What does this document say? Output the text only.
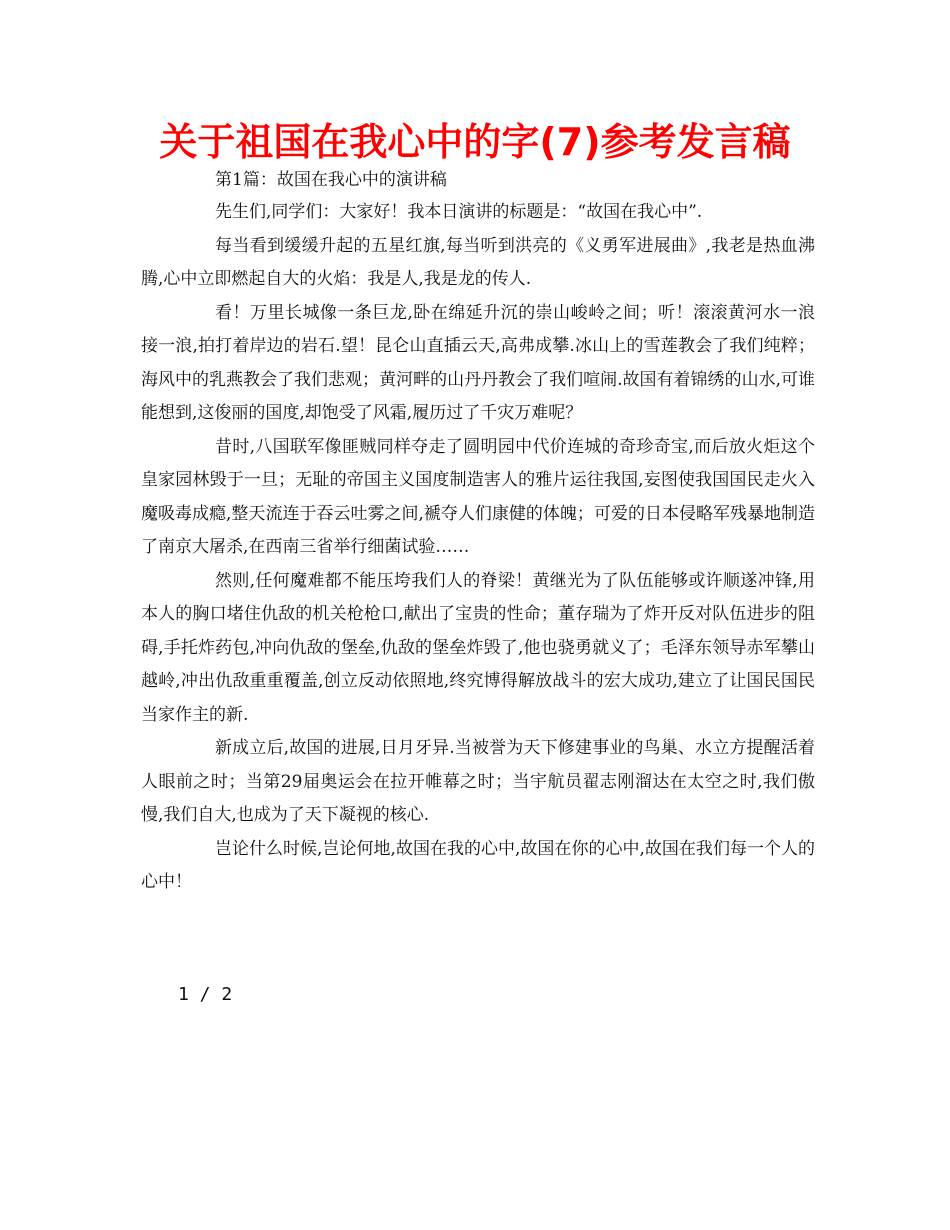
关于祖国在我心中的字(7)参考发言稿

第1篇：故国在我心中的演讲稿

先生们,同学们：大家好！我本日演讲的标题是：“故国在我心中”.

每当看到缓缓升起的五星红旗,每当听到洪亮的《义勇军进展曲》,我老是热血沸腾,心中立即燃起自大的火焰：我是人,我是龙的传人.

看！万里长城像一条巨龙,卧在绵延升沉的崇山峻岭之间；听！滚滚黄河水一浪接一浪,拍打着岸边的岩石.望！昆仑山直插云天,高弗成攀.冰山上的雪莲教会了我们纯粹；海风中的乳燕教会了我们悲观；黄河畔的山丹丹教会了我们喧闹.故国有着锦绣的山水,可谁能想到,这俊丽的国度,却饱受了风霜,履历过了千灾万难呢？

昔时,八国联军像匪贼同样夺走了圆明园中代价连城的奇珍奇宝,而后放火炬这个皇家园林毁于一旦；无耻的帝国主义国度制造害人的雅片运往我国,妄图使我国国民走火入魔吸毒成瘾,整天流连于吞云吐雾之间,褫夺人们康健的体魄；可爱的日本侵略军残暴地制造了南京大屠杀,在西南三省举行细菌试验……

然则,任何魔难都不能压垮我们人的脊梁！黄继光为了队伍能够或许顺遂冲锋,用本人的胸口堵住仇敌的机关枪枪口,献出了宝贵的性命；董存瑞为了炸开反对队伍进步的阻碍,手托炸药包,冲向仇敌的堡垒,仇敌的堡垒炸毁了,他也骁勇就义了；毛泽东领导赤军攀山越岭,冲出仇敌重重覆盖,创立反动依照地,终究博得解放战斗的宏大成功,建立了让国民国民当家作主的新.

新成立后,故国的进展,日月牙异.当被誉为天下修建事业的鸟巢、水立方提醒活着人眼前之时；当第29届奥运会在拉开帷幕之时；当宇航员翟志刚溜达在太空之时,我们傲慢,我们自大,也成为了天下凝视的核心.

岂论什么时候,岂论何地,故国在我的心中,故国在你的心中,故国在我们每一个人的心中！

1 / 2
